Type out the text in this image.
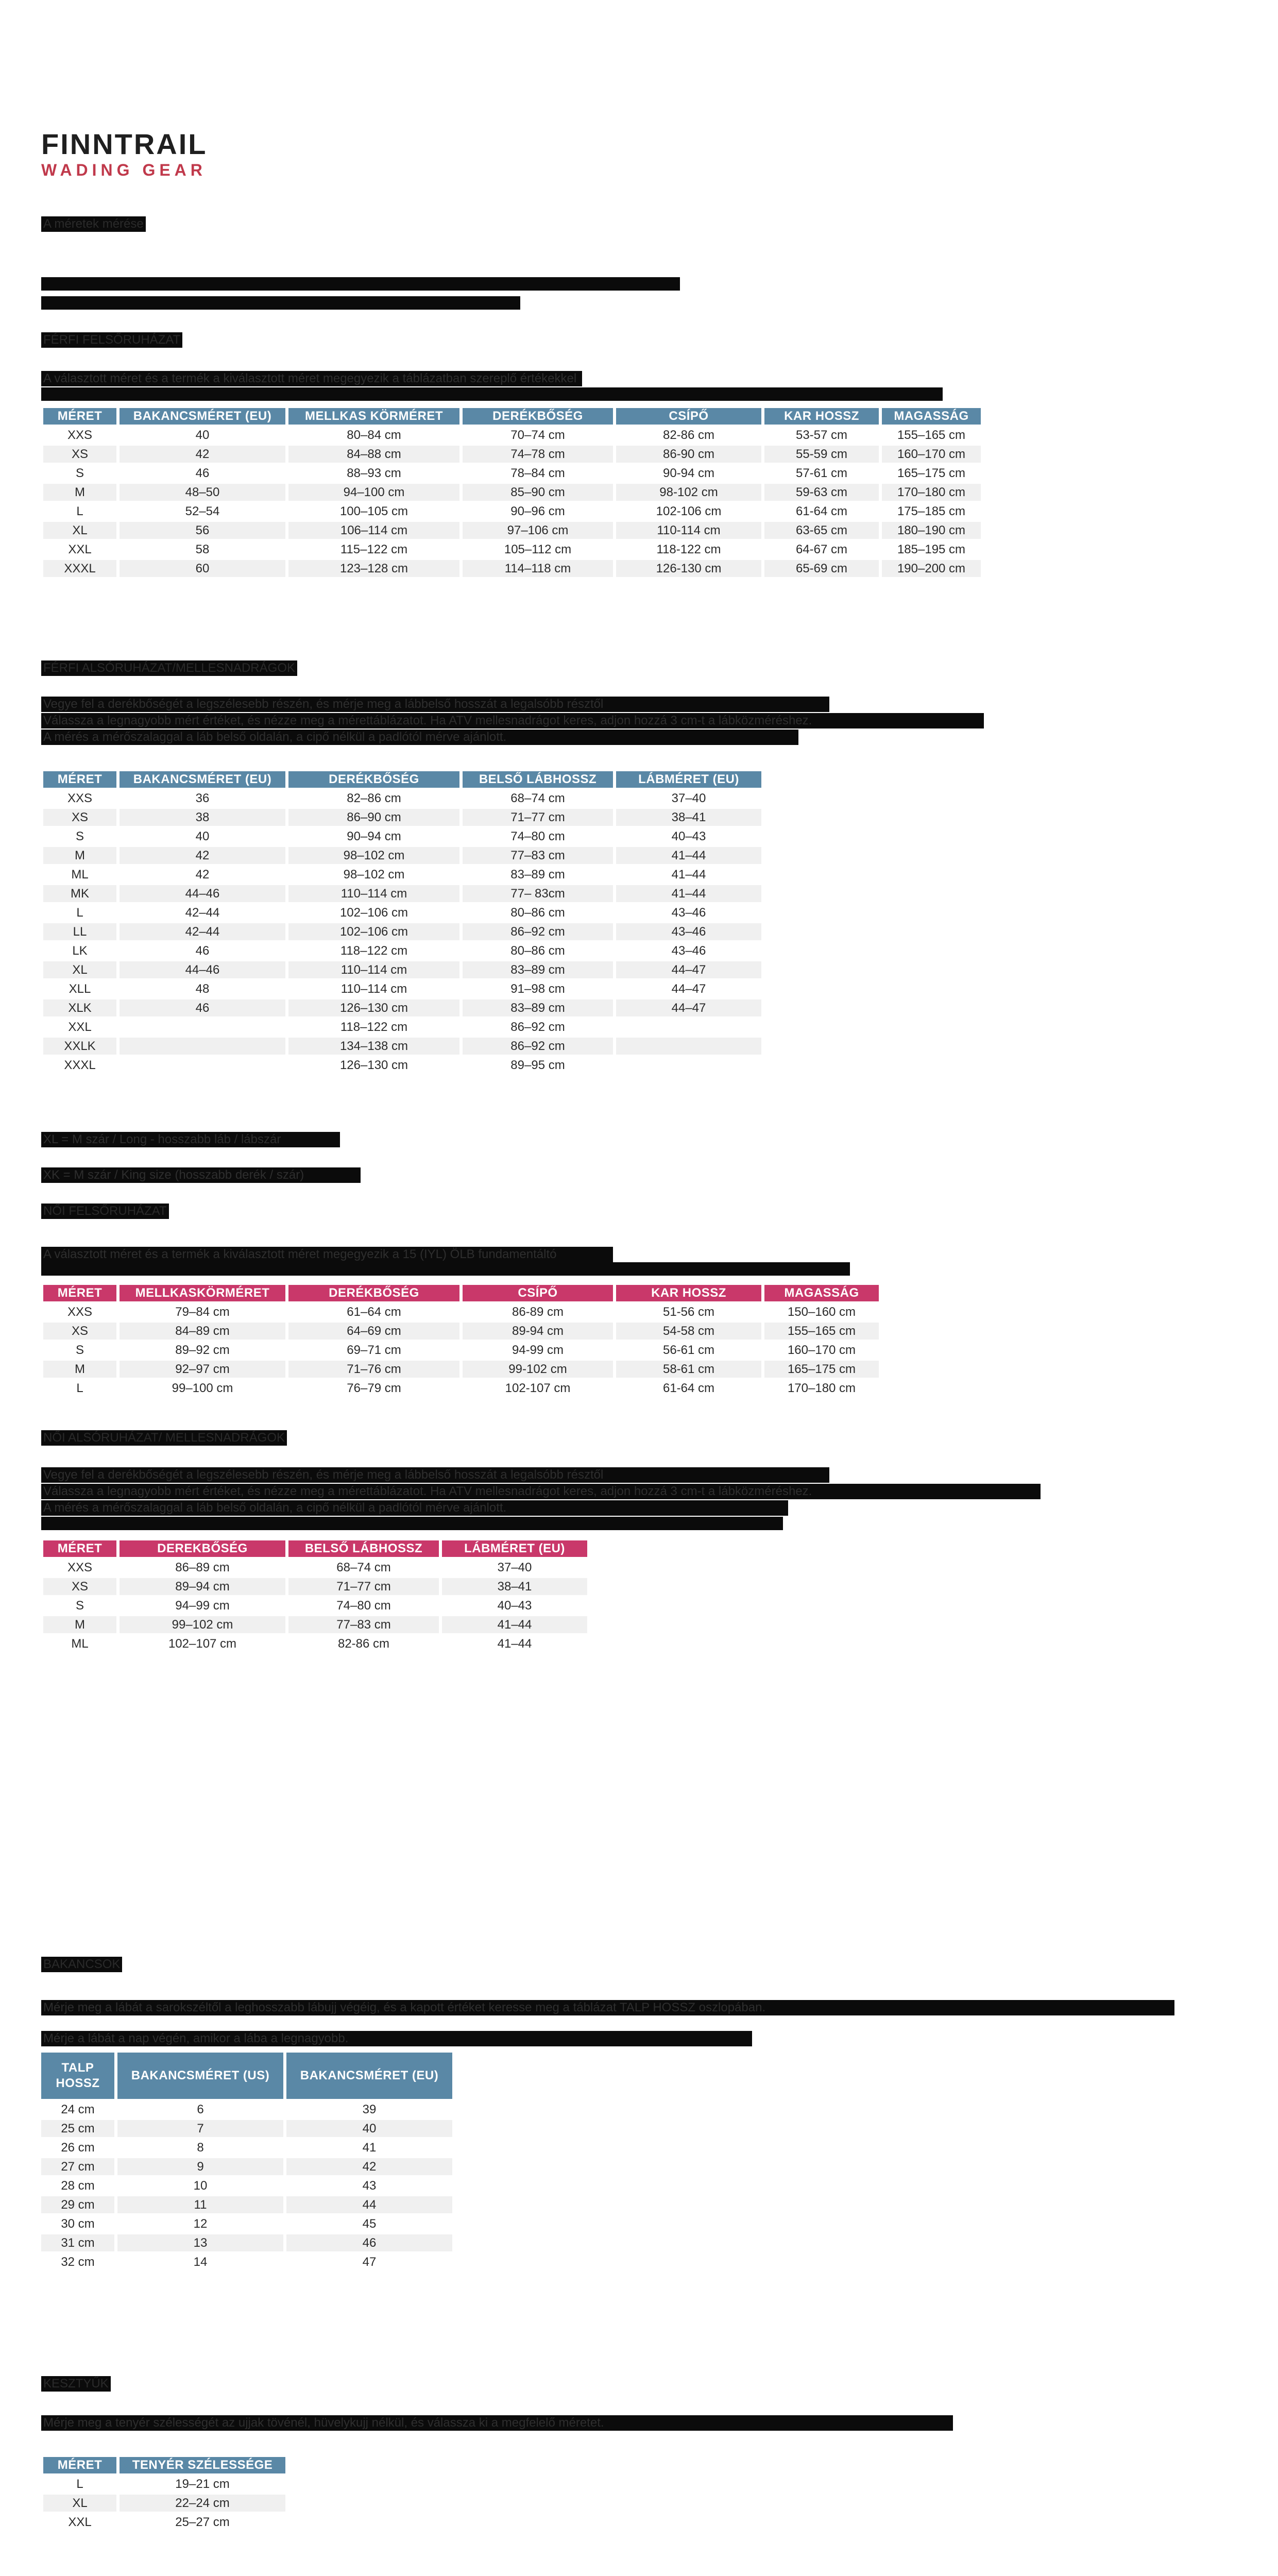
FINNTRAIL
WADING GEAR
A méretek mérése
FÉRFI FELSŐRUHÁZAT
A választott méret és a termék a kiválasztott méret megegyezik a táblázatban szereplő értékekkel
MÉRET	BAKANCSMÉRET (EU)	MELLKAS KÖRMÉRET	DERÉKBŐSÉG	CSÍPŐ	KAR HOSSZ	MAGASSÁG
XXS	40	80–84 cm	70–74 cm	82-86 cm	53-57 cm	155–165 cm
XS	42	84–88 cm	74–78 cm	86-90 cm	55-59 cm	160–170 cm
S	46	88–93 cm	78–84 cm	90-94 cm	57-61 cm	165–175 cm
M	48–50	94–100 cm	85–90 cm	98-102 cm	59-63 cm	170–180 cm
L	52–54	100–105 cm	90–96 cm	102-106 cm	61-64 cm	175–185 cm
XL	56	106–114 cm	97–106 cm	110-114 cm	63-65 cm	180–190 cm
XXL	58	115–122 cm	105–112 cm	118-122 cm	64-67 cm	185–195 cm
XXXL	60	123–128 cm	114–118 cm	126-130 cm	65-69 cm	190–200 cm
FÉRFI ALSÓRUHÁZAT/MELLESNADRÁGOK
Vegye fel a derékbőségét a legszélesebb részén, és mérje meg a lábbelső hosszát a legalsóbb résztől
Válassza a legnagyobb mért értéket, és nézze meg a mérettáblázatot. Ha ATV mellesnadrágot keres, adjon hozzá 3 cm-t a lábközméréshez.
A mérés a mérőszalaggal a láb belső oldalán, a cipő nélkül a padlótól mérve ajánlott.
MÉRET	BAKANCSMÉRET (EU)	DERÉKBŐSÉG	BELSŐ LÁBHOSSZ	LÁBMÉRET (EU)
XXS	36	82–86 cm	68–74 cm	37–40
XS	38	86–90 cm	71–77 cm	38–41
S	40	90–94 cm	74–80 cm	40–43
M	42	98–102 cm	77–83 cm	41–44
ML	42	98–102 cm	83–89 cm	41–44
MK	44–46	110–114 cm	77– 83cm	41–44
L	42–44	102–106 cm	80–86 cm	43–46
LL	42–44	102–106 cm	86–92 cm	43–46
LK	46	118–122 cm	80–86 cm	43–46
XL	44–46	110–114 cm	83–89 cm	44–47
XLL	48	110–114 cm	91–98 cm	44–47
XLK	46	126–130 cm	83–89 cm	44–47
XXL		118–122 cm	86–92 cm	
XXLK		134–138 cm	86–92 cm	
XXXL		126–130 cm	89–95 cm	
XL = M szár / Long - hosszabb láb / lábszár
XK = M szár / King size (hosszabb derék / szár)
NŐI FELSŐRUHÁZAT
A választott méret és a termék a kiválasztott méret megegyezik a 15 (IYL) ÖLB fundamentáltó
MÉRET	MELLKASKÖRMÉRET	DERÉKBŐSÉG	CSÍPŐ	KAR HOSSZ	MAGASSÁG
XXS	79–84 cm	61–64 cm	86-89 cm	51-56 cm	150–160 cm
XS	84–89 cm	64–69 cm	89-94 cm	54-58 cm	155–165 cm
S	89–92 cm	69–71 cm	94-99 cm	56-61 cm	160–170 cm
M	92–97 cm	71–76 cm	99-102 cm	58-61 cm	165–175 cm
L	99–100 cm	76–79 cm	102-107 cm	61-64 cm	170–180 cm
NŐI ALSÓRUHÁZAT/ MELLESNADRÁGOK
Vegye fel a derékbőségét a legszélesebb részén, és mérje meg a lábbelső hosszát a legalsóbb résztől
Válassza a legnagyobb mért értéket, és nézze meg a mérettáblázatot. Ha ATV mellesnadrágot keres, adjon hozzá 3 cm-t a lábközméréshez.
A mérés a mérőszalaggal a láb belső oldalán, a cipő nélkül a padlótól mérve ajánlott.
MÉRET	DEREKBŐSÉG	BELSŐ LÁBHOSSZ	LÁBMÉRET (EU)
XXS	86–89 cm	68–74 cm	37–40
XS	89–94 cm	71–77 cm	38–41
S	94–99 cm	74–80 cm	40–43
M	99–102 cm	77–83 cm	41–44
ML	102–107 cm	82-86 cm	41–44
BAKANCSOK
Mérje meg a lábát a sarokszéltől a leghosszabb lábujj végéig, és a kapott értéket keresse meg a táblázat TALP HOSSZ oszlopában.
Mérje a lábát a nap végén, amikor a lába a legnagyobb.
TALP HOSSZ	BAKANCSMÉRET (US)	BAKANCSMÉRET (EU)
24 cm	6	39
25 cm	7	40
26 cm	8	41
27 cm	9	42
28 cm	10	43
29 cm	11	44
30 cm	12	45
31 cm	13	46
32 cm	14	47
KESZTYŰK
Mérje meg a tenyér szélességét az ujjak tövénél, hüvelykujj nélkül, és válassza ki a megfelelő méretet.
MÉRET	TENYÉR SZÉLESSÉGE
L	19–21 cm
XL	22–24 cm
XXL	25–27 cm
